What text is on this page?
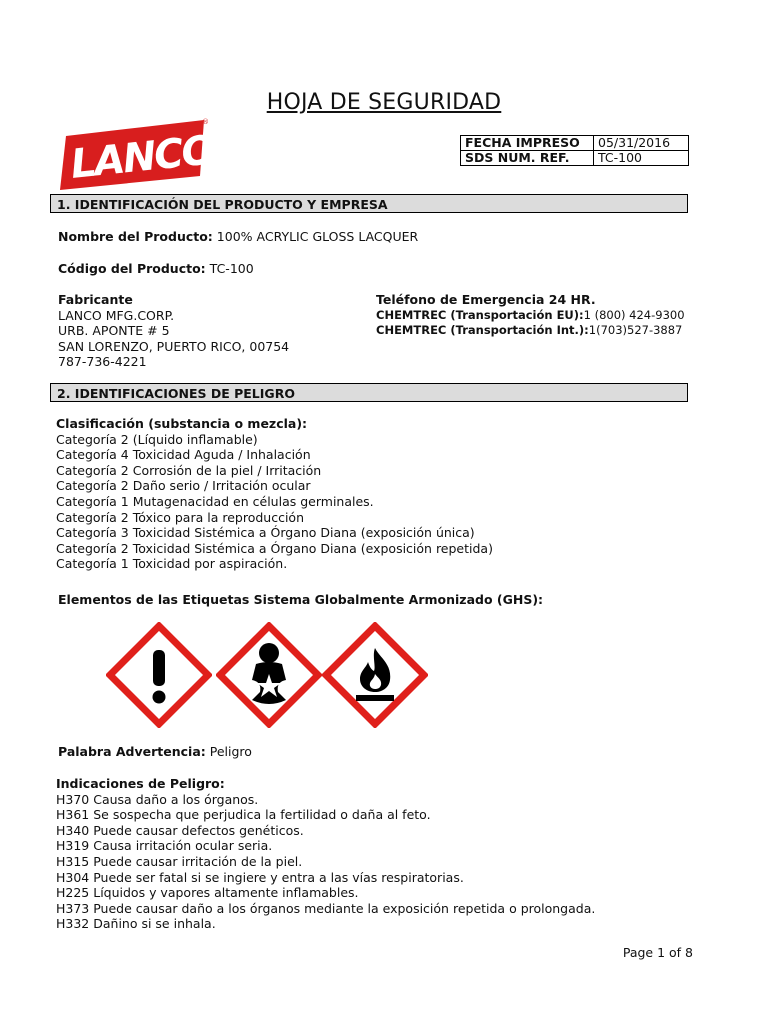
HOJA DE SEGURIDAD
LANCO
®
FECHA IMPRESO	05/31/2016
SDS NUM. REF.	TC-100
1. IDENTIFICACIÓN DEL PRODUCTO Y EMPRESA
Nombre del Producto: 100% ACRYLIC GLOSS LACQUER
Código del Producto: TC-100
Fabricante
LANCO MFG.CORP.
URB. APONTE # 5
SAN LORENZO, PUERTO RICO, 00754
787-736-4221
Teléfono de Emergencia 24 HR.
CHEMTREC (Transportación EU):1 (800) 424-9300
CHEMTREC (Transportación Int.):1(703)527-3887
2. IDENTIFICACIONES DE PELIGRO
Clasificación (substancia o mezcla):
Categoría 2 (Líquido inflamable)
Categoría 4 Toxicidad Aguda / Inhalación
Categoría 2 Corrosión de la piel / Irritación
Categoría 2 Daño serio / Irritación ocular
Categoría 1 Mutagenacidad en células germinales.
Categoría 2 Tóxico para la reproducción
Categoría 3 Toxicidad Sistémica a Órgano Diana (exposición única)
Categoría 2 Toxicidad Sistémica a Órgano Diana (exposición repetida)
Categoría 1 Toxicidad por aspiración.
Elementos de las Etiquetas Sistema Globalmente Armonizado (GHS):
Palabra Advertencia: Peligro
Indicaciones de Peligro:
H370 Causa daño a los órganos.
H361 Se sospecha que perjudica la fertilidad o daña al feto.
H340 Puede causar defectos genéticos.
H319 Causa irritación ocular seria.
H315 Puede causar irritación de la piel.
H304 Puede ser fatal si se ingiere y entra a las vías respiratorias.
H225 Líquidos y vapores altamente inflamables.
H373 Puede causar daño a los órganos mediante la exposición repetida o prolongada.
H332 Dañino si se inhala.
Page 1 of 8
